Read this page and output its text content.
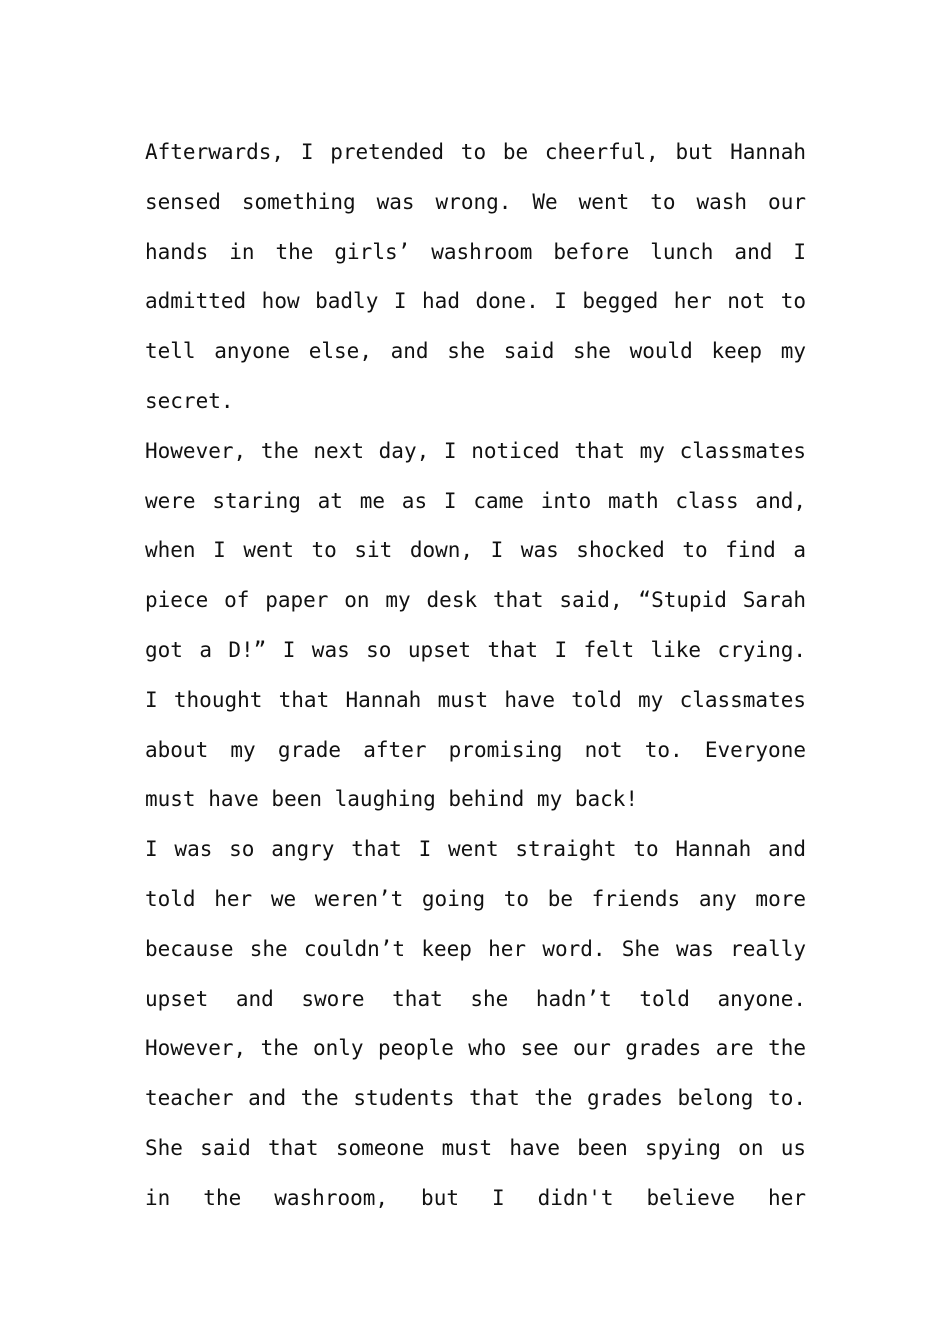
Afterwards, I pretended to be cheerful, but Hannah
sensed something was wrong. We went to wash our
hands in the girls’ washroom before lunch and I
admitted how badly I had done. I begged her not to
tell anyone else, and she said she would keep my
secret.
However, the next day, I noticed that my classmates
were staring at me as I came into math class and,
when I went to sit down, I was shocked to find a
piece of paper on my desk that said, “Stupid Sarah
got a D!” I was so upset that I felt like crying.
I thought that Hannah must have told my classmates
about my grade after promising not to. Everyone
must have been laughing behind my back!
I was so angry that I went straight to Hannah and
told her we weren’t going to be friends any more
because she couldn’t keep her word. She was really
upset and swore that she hadn’t told anyone.
However, the only people who see our grades are the
teacher and the students that the grades belong to.
She said that someone must have been spying on us
in the washroom, but I didn't believe her
